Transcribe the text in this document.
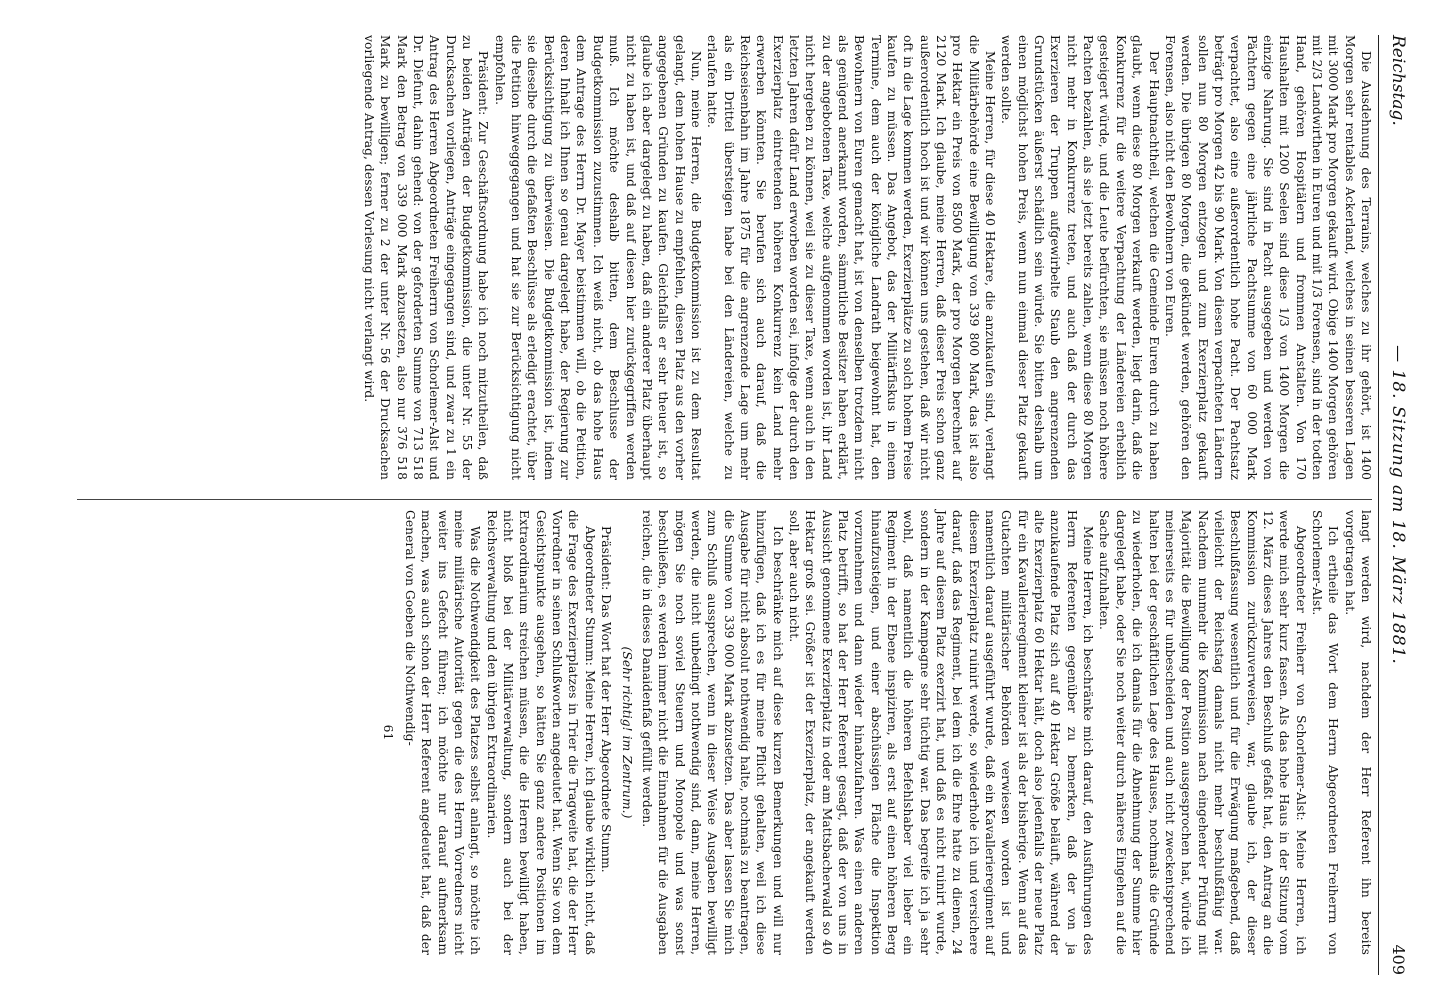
Reichstag.
— 18. Sitzung am 18. März 1881.
409

Die Ausdehnung des Terrains, welches zu ihr gehört, ist 1400 Morgen sehr rentables Ackerland, welches in seinen besseren Lagen mit 3000 Mark pro Morgen gekauft wird. Obige 1400 Morgen gehören mit 2/3 Landwirthen in Euren und mit 1/3 Forensen, sind in der todten Hand, gehören Hospitälern und frommen Anstalten. Von 170 Haushalten mit 1200 Seelen sind diese 1/3 von 1400 Morgen die einzige Nahrung. Sie sind in Pacht ausgegeben und werden von Pächtern gegen eine jährliche Pachtsumme von 60 000 Mark verpachtet, also eine außerordentlich hohe Pacht. Der Pachtsatz beträgt pro Morgen 42 bis 90 Mark. Von diesen verpachteten Ländern sollen nun 80 Morgen entzogen und zum Exerzierplatz gekauft werden. Die übrigen 80 Morgen, die gekündet werden, gehören den Forensen, also nicht den Bewohnern von Euren.

Der Hauptnachtheil, welchen die Gemeinde Euren durch zu haben glaubt, wenn diese 80 Morgen verkauft werden, liegt darin, daß die Konkurrenz für die weitere Verpachtung der Ländereien erheblich gesteigert würde, und die Leute befürchten, sie müssen noch höhere Pachten bezahlen, als sie jetzt bereits zahlen, wenn diese 80 Morgen nicht mehr in Konkurrenz treten, und auch daß der durch das Exerzieren der Truppen aufgewirbelte Staub den angrenzenden Grundstücken äußerst schädlich sein würde. Sie bitten deshalb um einen möglichst hohen Preis, wenn nun einmal dieser Platz gekauft werden sollte.

Meine Herren, für diese 40 Hektare, die anzukaufen sind, verlangt die Militärbehörde eine Bewilligung von 339 800 Mark, das ist also pro Hektar ein Preis von 8500 Mark, der pro Morgen berechnet auf 2120 Mark. Ich glaube, meine Herren, daß dieser Preis schon ganz außerordentlich hoch ist und wir können uns gestehen, daß wir nicht oft in die Lage kommen werden, Exerzierplätze zu solch hohem Preise kaufen zu müssen. Das Angebot, das der Militärfiskus in einem Termine, dem auch der königliche Landrath beigewohnt hat, den Bewohnern von Euren gemacht hat, ist von denselben trotzdem nicht als genügend anerkannt worden, sämmtliche Besitzer haben erklärt, zu der angebotenen Taxe, welche aufgenommen worden ist, ihr Land nicht hergeben zu können, weil sie zu dieser Taxe, wenn auch in den letzten Jahren dafür Land erworben worden sei, infolge der durch den Exerzierplatz eintretenden höheren Konkurrenz kein Land mehr erwerben könnten. Sie berufen sich auch darauf, daß die Reichseisenbahn im Jahre 1875 für die angrenzende Lage um mehr als ein Drittel übersteigen habe bei den Ländereien, welche zu erlaufen hatte.

Nun, meine Herren, die Budgetkommission ist zu dem Resultat gelangt, dem hohen Hause zu empfehlen, diesen Platz aus den vorher angegebenen Gründen zu kaufen. Gleichfalls er sehr theuer ist, so glaube ich aber dargelegt zu haben, daß ein anderer Platz überhaupt nicht zu haben ist, und daß auf diesen hier zurückgegriffen werden muß. Ich möchte deshalb bitten, dem Beschlusse der Budgetkommission zuzustimmen. Ich weiß nicht, ob das hohe Haus dem Antrage des Herrn Dr. Mayer beistimmen will, ob die Petition, deren Inhalt ich Ihnen so genau dargelegt habe, der Regierung zur Berücksichtigung zu überweisen. Die Budgetkommission ist, indem sie dieselbe durch die gefaßten Beschlüsse als erledigt erachtet, über die Petition hinweggegangen und hat sie zur Berücksichtigung nicht empfohlen.

Präsident: Zur Geschäftsordnung habe ich noch mitzutheilen, daß zu beiden Anträgen der Budgetkommission, die unter Nr. 55 der Drucksachen vorliegen, Anträge eingegangen sind, und zwar zu 1 ein Antrag des Herren Abgeordneten Freiherrn von Schorlemer-Alst und Dr. Diefunt, dahin gehend: von der geforderten Summe von 713 518 Mark den Betrag von 339 000 Mark abzusetzen, also nur 376 518 Mark zu bewilligen; ferner zu 2 der unter Nr. 56 der Drucksachen vorliegende Antrag, dessen Vorlesung nicht verlangt wird.

langt werden wird, nachdem der Herr Referent ihn bereits vorgetragen hat.

Ich ertheile das Wort dem Herrn Abgeordneten Freiherrn von Schorlemer-Alst.

Abgeordneter Freiherr von Schorlemer-Alst: Meine Herren, ich werde mich sehr kurz fassen. Als das hohe Haus in der Sitzung vom 12. März dieses Jahres den Beschluß gefaßt hat, den Antrag an die Kommission zurückzuverweisen, war, glaube ich, der dieser Beschlußfassung wesentlich und für die Erwägung maßgebend, daß vielleicht der Reichstag damals nicht mehr beschlußfähig war. Nachdem nunmehr die Kommission nach eingehender Prüfung mit Majorität die Bewilligung der Position ausgesprochen hat, würde ich meinerseits es für unbescheiden und auch nicht zweckentsprechend halten bei der geschäftlichen Lage des Hauses, nochmals die Gründe zu wiederholen, die ich damals für die Abnehmung der Summe hier dargelegt habe, oder Sie noch weiter durch näheres Eingehen auf die Sache aufzuhalten.

Meine Herren, ich beschränke mich darauf, den Ausführungen des Herrn Referenten gegenüber zu bemerken, daß der von ja anzukaufende Platz sich auf 40 Hektar Größe beläuft, während der alte Exerzierplatz 60 Hektar hält, doch also jedenfalls der neue Platz für ein Kavallerieregiment kleiner ist als der bisherige. Wenn auf das Gutachten militärischer Behörden verwiesen worden ist und namentlich darauf ausgeführt wurde, daß ein Kavallerieregiment auf diesem Exerzierplatz ruinirt werde, so wiederhole ich und versichere darauf, daß das Regiment, bei dem ich die Ehre hatte zu dienen, 24 Jahre auf diesem Platz exerzirt hat, und daß es nicht ruinirt wurde, sondern in der Kampagne sehr tüchtig war. Das begreife ich ja sehr wohl, daß namentlich die höheren Befehlshaber viel lieber ein Regiment in der Ebene inspiziren, als erst auf einen höheren Berg hinaufzusteigen, und einer abschüssigen Fläche die Inspektion vorzunehmen und dann wieder hinabzufahren. Was einen anderen Platz betrifft, so hat der Herr Referent gesagt, daß der von uns in Aussicht genommene Exerzierplatz in oder am Mattsbacherwald so 40 Hektar groß sei. Größer ist der Exerzierplatz, der angekauft werden soll, aber auch nicht.

Ich beschränke mich auf diese kurzen Bemerkungen und will nur hinzufügen, daß ich es für meine Pflicht gehalten, weil ich diese Ausgabe für nicht absolut nothwendig halte, nochmals zu beantragen, die Summe von 339 000 Mark abzusetzen. Das aber lassen Sie mich zum Schluß aussprechen, wenn in dieser Weise Ausgaben bewilligt werden, die nicht unbedingt nothwendig sind, dann, meine Herren, mögen Sie noch soviel Steuern und Monopole und was sonst beschließen, es werden immer nicht die Einnahmen für die Ausgaben reichen, die in dieses Danaidenfaß gefüllt werden.

(Sehr richtig! im Zentrum.)

Präsident: Das Wort hat der Herr Abgeordnete Stumm.

Abgeordneter Stumm: Meine Herren, ich glaube wirklich nicht, daß die Frage des Exerzierplatzes in Trier die Tragweite hat, die der Herr Vorredner in seinen Schlußworten angedeutet hat. Wenn Sie von dem Gesichtspunkte ausgehen, so hätten Sie ganz andere Positionen im Extraordinarium streichen müssen, die die Herren bewilligt haben, nicht bloß bei der Militärverwaltung, sondern auch bei der Reichsverwaltung und den übrigen Extraordinarien.

Was die Nothwendigkeit des Platzes selbst anlangt, so möchte ich meine militärische Autorität gegen die des Herrn Vorredners nicht weiter ins Gefecht führen; ich möchte nur darauf aufmerksam machen, was auch schon der Herr Referent angedeutet hat, daß der General von Goeben die Nothwendig-

61
